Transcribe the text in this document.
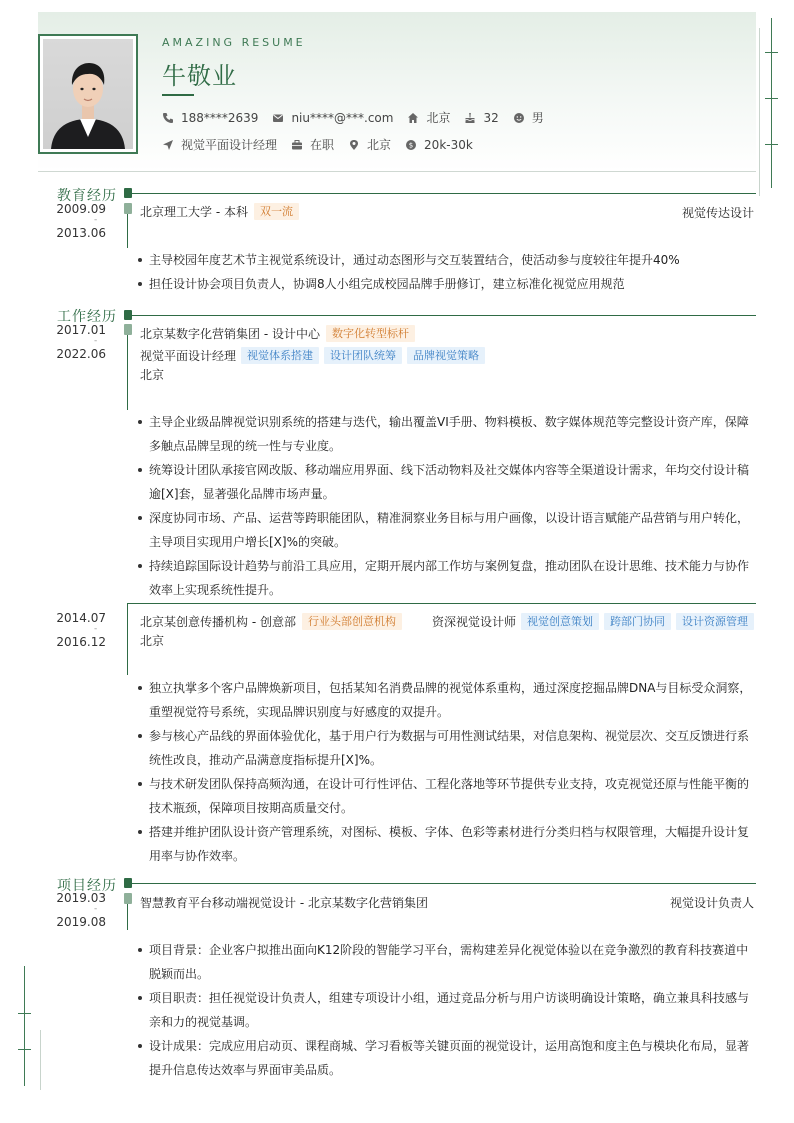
AMAZING RESUME
牛敬业
188****2639	niu****@***.com	北京	32	男
视觉平面设计经理	在职	北京	$ 20k-30k
教育经历
2009.09
-
2013.06
北京理工大学 - 本科	双一流	视觉传达设计
主导校园年度艺术节主视觉系统设计，通过动态图形与交互装置结合，使活动参与度较往年提升40%
担任设计协会项目负责人，协调8人小组完成校园品牌手册修订，建立标准化视觉应用规范
工作经历
2017.01
-
2022.06
北京某数字化营销集团 - 设计中心	数字化转型标杆
视觉平面设计经理	视觉体系搭建	设计团队统筹	品牌视觉策略
北京
主导企业级品牌视觉识别系统的搭建与迭代，输出覆盖VI手册、物料模板、数字媒体规范等完整设计资产库，保障多触点品牌呈现的统一性与专业度。
统筹设计团队承接官网改版、移动端应用界面、线下活动物料及社交媒体内容等全渠道设计需求，年均交付设计稿逾[X]套，显著强化品牌市场声量。
深度协同市场、产品、运营等跨职能团队，精准洞察业务目标与用户画像，以设计语言赋能产品营销与用户转化，主导项目实现用户增长[X]%的突破。
持续追踪国际设计趋势与前沿工具应用，定期开展内部工作坊与案例复盘，推动团队在设计思维、技术能力与协作效率上实现系统性提升。
2014.07
-
2016.12
北京某创意传播机构 - 创意部	行业头部创意机构	资深视觉设计师	视觉创意策划	跨部门协同	设计资源管理
北京
独立执掌多个客户品牌焕新项目，包括某知名消费品牌的视觉体系重构，通过深度挖掘品牌DNA与目标受众洞察，重塑视觉符号系统，实现品牌识别度与好感度的双提升。
参与核心产品线的界面体验优化，基于用户行为数据与可用性测试结果，对信息架构、视觉层次、交互反馈进行系统性改良，推动产品满意度指标提升[X]%。
与技术研发团队保持高频沟通，在设计可行性评估、工程化落地等环节提供专业支持，攻克视觉还原与性能平衡的技术瓶颈，保障项目按期高质量交付。
搭建并维护团队设计资产管理系统，对图标、模板、字体、色彩等素材进行分类归档与权限管理，大幅提升设计复用率与协作效率。
项目经历
2019.03
-
2019.08
智慧教育平台移动端视觉设计 - 北京某数字化营销集团	视觉设计负责人
项目背景：企业客户拟推出面向K12阶段的智能学习平台，需构建差异化视觉体验以在竞争激烈的教育科技赛道中脱颖而出。
项目职责：担任视觉设计负责人，组建专项设计小组，通过竞品分析与用户访谈明确设计策略，确立兼具科技感与亲和力的视觉基调。
设计成果：完成应用启动页、课程商城、学习看板等关键页面的视觉设计，运用高饱和度主色与模块化布局，显著提升信息传达效率与界面审美品质。
